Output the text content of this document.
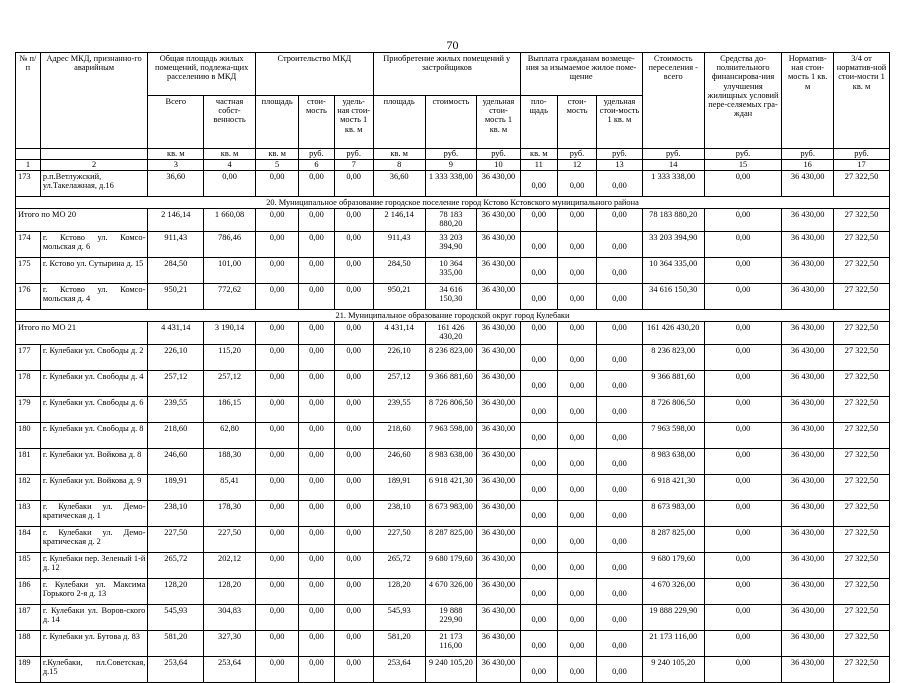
70
№ п/п	Адрес МКД, признанно-го аварийным	Общая площадь жилых помещений, подлежа-щих расселению в МКД		Строительство МКД			Приобретение жилых помещений у застройщиков			Выплата гражданам возмеще-ния за изымаемое жилое поме-щение			Стоимость переселения - всего	Средства до-полнительного финансирова-ния улучшения жилищных условий пере-селяемых гра-ждан	Норматив-ная стои-мость 1 кв. м	3/4 от норматив-ной стои-мости 1 кв. м
		Всего	частная собст-венность	площадь	стои-мость	удель-ная стои-мость 1 кв. м	площадь	стоимость	удельная стои-мость 1 кв. м	пло-щадь	стои-мость	удельная стои-мость 1 кв. м				
		кв. м	кв. м	кв. м	руб.	руб.	кв. м	руб.	руб.	кв. м	руб.	руб.	руб.	руб.	руб.	руб.
1	2	3	4	5	6	7	8	9	10	11	12	13	14	15	16	17
173	р.п.Ветлужский, ул.Такелажная, д.16	36,60	0,00	0,00	0,00	0,00	36,60	1 333 338,00	36 430,00	0,00	0,00	0,00	1 333 338,00	0,00	36 430,00	27 322,50
20. Муниципальное образование городское поселение город Кстово Кстовского муниципального района																
Итого по МО 20		2 146,14	1 660,08	0,00	0,00	0,00	2 146,14	78 183 880,20	36 430,00	0,00	0,00	0,00	78 183 880,20	0,00	36 430,00	27 322,50
174	г. Кстово ул. Комсо-мольская д. 6	911,43	786,46	0,00	0,00	0,00	911,43	33 203 394,90	36 430,00	0,00	0,00	0,00	33 203 394,90	0,00	36 430,00	27 322,50
175	г. Кстово ул. Сутырина д. 15	284,50	101,00	0,00	0,00	0,00	284,50	10 364 335,00	36 430,00	0,00	0,00	0,00	10 364 335,00	0,00	36 430,00	27 322,50
176	г. Кстово ул. Комсо-мольская д. 4	950,21	772,62	0,00	0,00	0,00	950,21	34 616 150,30	36 430,00	0,00	0,00	0,00	34 616 150,30	0,00	36 430,00	27 322,50
21. Муниципальное образование городской округ город Кулебаки																
Итого по МО 21		4 431,14	3 190,14	0,00	0,00	0,00	4 431,14	161 426 430,20	36 430,00	0,00	0,00	0,00	161 426 430,20	0,00	36 430,00	27 322,50
177	г. Кулебаки ул. Свободы д. 2	226,10	115,20	0,00	0,00	0,00	226,10	8 236 823,00	36 430,00	0,00	0,00	0,00	8 236 823,00	0,00	36 430,00	27 322,50
178	г. Кулебаки ул. Свободы д. 4	257,12	257,12	0,00	0,00	0,00	257,12	9 366 881,60	36 430,00	0,00	0,00	0,00	9 366 881,60	0,00	36 430,00	27 322,50
179	г. Кулебаки ул. Свободы д. 6	239,55	186,15	0,00	0,00	0,00	239,55	8 726 806,50	36 430,00	0,00	0,00	0,00	8 726 806,50	0,00	36 430,00	27 322,50
180	г. Кулебаки ул. Свободы д. 8	218,60	62,80	0,00	0,00	0,00	218,60	7 963 598,00	36 430,00	0,00	0,00	0,00	7 963 598,00	0,00	36 430,00	27 322,50
181	г. Кулебаки ул. Войкова д. 8	246,60	188,30	0,00	0,00	0,00	246,60	8 983 638,00	36 430,00	0,00	0,00	0,00	8 983 638,00	0,00	36 430,00	27 322,50
182	г. Кулебаки ул. Войкова д. 9	189,91	85,41	0,00	0,00	0,00	189,91	6 918 421,30	36 430,00	0,00	0,00	0,00	6 918 421,30	0,00	36 430,00	27 322,50
183	г. Кулебаки ул. Демо-кратическая д. 1	238,10	178,30	0,00	0,00	0,00	238,10	8 673 983,00	36 430,00	0,00	0,00	0,00	8 673 983,00	0,00	36 430,00	27 322,50
184	г. Кулебаки ул. Демо-кратическая д. 2	227,50	227,50	0,00	0,00	0,00	227,50	8 287 825,00	36 430,00	0,00	0,00	0,00	8 287 825,00	0,00	36 430,00	27 322,50
185	г. Кулебаки пер. Зеленый 1-й д. 12	265,72	202,12	0,00	0,00	0,00	265,72	9 680 179,60	36 430,00	0,00	0,00	0,00	9 680 179,60	0,00	36 430,00	27 322,50
186	г. Кулебаки ул. Максима Горького 2-я д. 13	128,20	128,20	0,00	0,00	0,00	128,20	4 670 326,00	36 430,00	0,00	0,00	0,00	4 670 326,00	0,00	36 430,00	27 322,50
187	г. Кулебаки ул. Воров-ского д. 14	545,93	304,83	0,00	0,00	0,00	545,93	19 888 229,90	36 430,00	0,00	0,00	0,00	19 888 229,90	0,00	36 430,00	27 322,50
188	г. Кулебаки ул. Бутова д. 83	581,20	327,30	0,00	0,00	0,00	581,20	21 173 116,00	36 430,00	0,00	0,00	0,00	21 173 116,00	0,00	36 430,00	27 322,50
189	г.Кулебаки, пл.Советская, д.15	253,64	253,64	0,00	0,00	0,00	253,64	9 240 105,20	36 430,00	0,00	0,00	0,00	9 240 105,20	0,00	36 430,00	27 322,50
